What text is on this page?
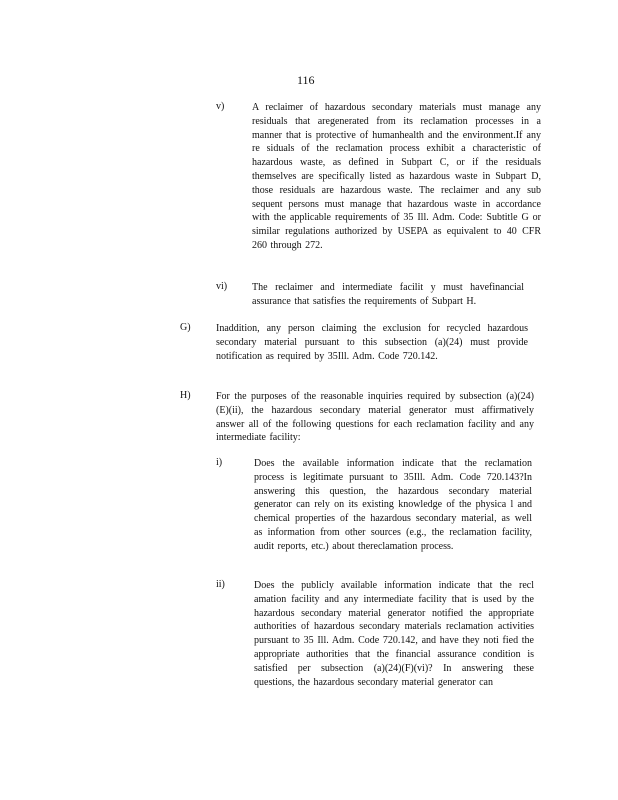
116
v)	A reclaimer of hazardous secondary materials must manage any residuals that aregenerated from its reclamation processes in a manner that is protective of humanhealth and the environment.If any re siduals of the reclamation process exhibit a characteristic of hazardous waste, as defined in Subpart C, or if the residuals themselves are specifically listed as hazardous waste in Subpart D, those residuals are hazardous waste. The reclaimer and any sub sequent persons must manage that hazardous waste in accordance with the applicable requirements of 35 Ill. Adm. Code: Subtitle G or similar regulations authorized by USEPA as equivalent to 40 CFR 260 through 272.

vi) The reclaimer and intermediate facilit y must havefinancial assurance that satisfies the requirements of Subpart H.

G)	Inaddition, any person claiming the exclusion for recycled hazardous secondary material pursuant to this subsection (a)(24) must provide notification as required by 35Ill. Adm. Code 720.142.

H)	For the purposes of the reasonable inquiries required by subsection (a)(24)(E)(ii), the hazardous secondary material generator must affirmatively answer all of the following questions for each reclamation facility and any intermediate facility:

i)	Does the available information indicate that the reclamation process is legitimate pursuant to 35Ill. Adm. Code 720.143?In answering this question, the hazardous secondary material generator can rely on its existing knowledge of the physica l and chemical properties of the hazardous secondary material, as well as information from other sources (e.g., the reclamation facility, audit reports, etc.) about thereclamation process.

ii)	Does the publicly available information indicate that the recl amation facility and any intermediate facility that is used by the hazardous secondary material generator notified the appropriate authorities of hazardous secondary materials reclamation activities pursuant to 35 Ill. Adm. Code 720.142, and have they noti fied the appropriate authorities that the financial assurance condition is satisfied per subsection (a)(24)(F)(vi)? In answering these questions, the hazardous secondary material generator can
